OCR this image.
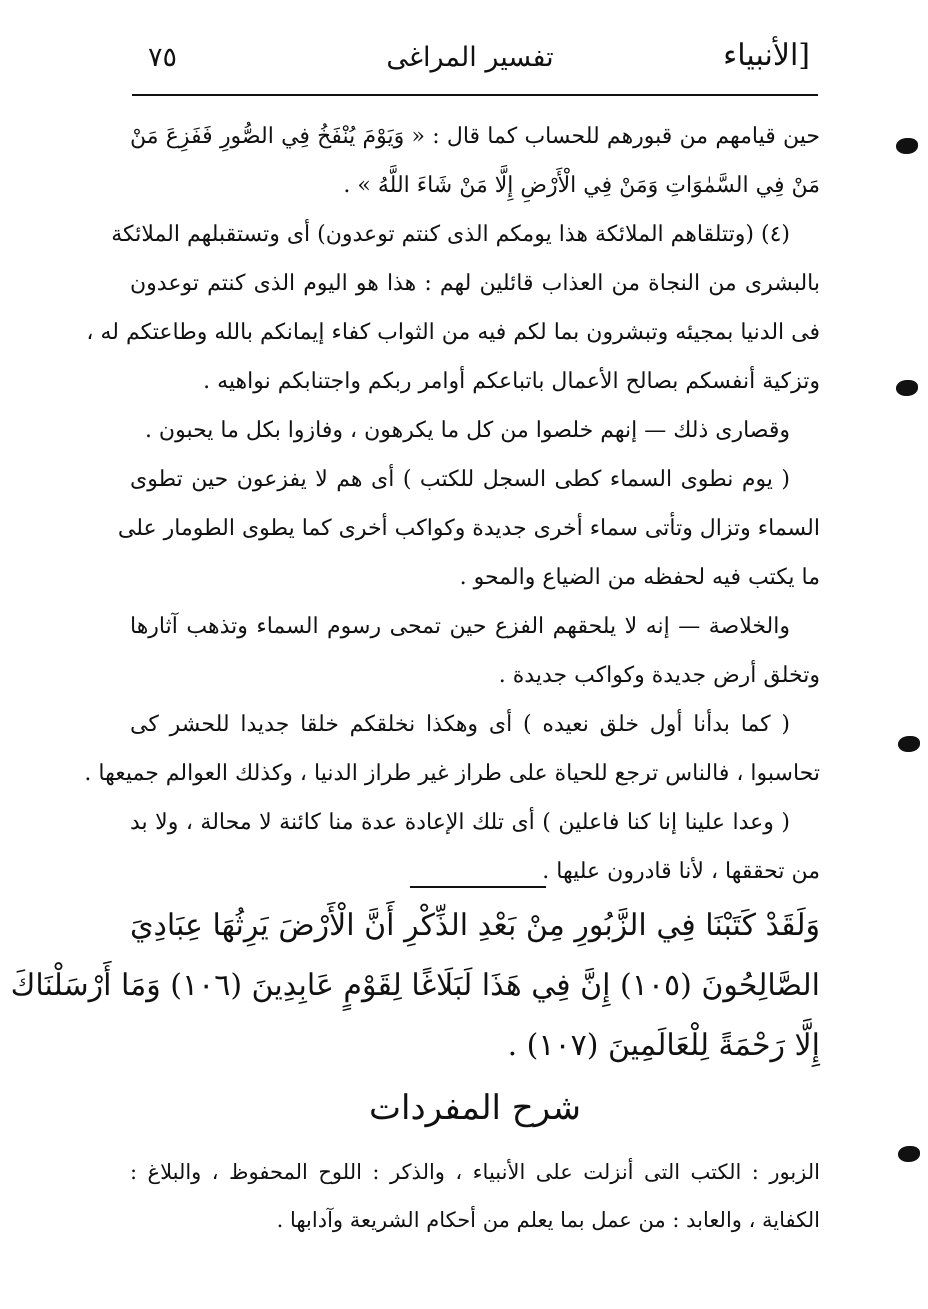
[الأنبياء
تفسير المراغى
٧٥
حين قيامهم من قبورهم للحساب كما قال : « وَيَوْمَ يُنْفَخُ فِي الصُّورِ فَفَزِعَ مَنْ
مَنْ فِي السَّمٰوَاتِ وَمَنْ فِي الْأَرْضِ إِلَّا مَنْ شَاءَ اللَّهُ » .
(٤) (وتتلقاهم الملائكة هذا يومكم الذى كنتم توعدون) أى وتستقبلهم الملائكة
بالبشرى من النجاة من العذاب قائلين لهم : هذا هو اليوم الذى كنتم توعدون
فى الدنيا بمجيئه وتبشرون بما لكم فيه من الثواب كفاء إيمانكم بالله وطاعتكم له ،
وتزكية أنفسكم بصالح الأعمال باتباعكم أوامر ربكم واجتنابكم نواهيه .
وقصارى ذلك — إنهم خلصوا من كل ما يكرهون ، وفازوا بكل ما يحبون .
( يوم نطوى السماء كطى السجل للكتب ) أى هم لا يفزعون حين تطوى
السماء وتزال وتأتى سماء أخرى جديدة وكواكب أخرى كما يطوى الطومار على
ما يكتب فيه لحفظه من الضياع والمحو .
والخلاصة — إنه لا يلحقهم الفزع حين تمحى رسوم السماء وتذهب آثارها
وتخلق أرض جديدة وكواكب جديدة .
( كما بدأنا أول خلق نعيده ) أى وهكذا نخلقكم خلقا جديدا للحشر كى
تحاسبوا ، فالناس ترجع للحياة على طراز غير طراز الدنيا ، وكذلك العوالم جميعها .
( وعدا علينا إنا كنا فاعلين ) أى تلك الإعادة عدة منا كائنة لا محالة ، ولا بد
من تحققها ، لأنا قادرون عليها .
وَلَقَدْ كَتَبْنَا فِي الزَّبُورِ مِنْ بَعْدِ الذِّكْرِ أَنَّ الْأَرْضَ يَرِثُهَا عِبَادِيَ
الصَّالِحُونَ (١٠٥) إِنَّ فِي هَذَا لَبَلَاغًا لِقَوْمٍ عَابِدِينَ (١٠٦) وَمَا أَرْسَلْنَاكَ
إِلَّا رَحْمَةً لِلْعَالَمِينَ (١٠٧) .
شرح المفردات
الزبور : الكتب التى أنزلت على الأنبياء ، والذكر : اللوح المحفوظ ، والبلاغ :
الكفاية ، والعابد : من عمل بما يعلم من أحكام الشريعة وآدابها .
